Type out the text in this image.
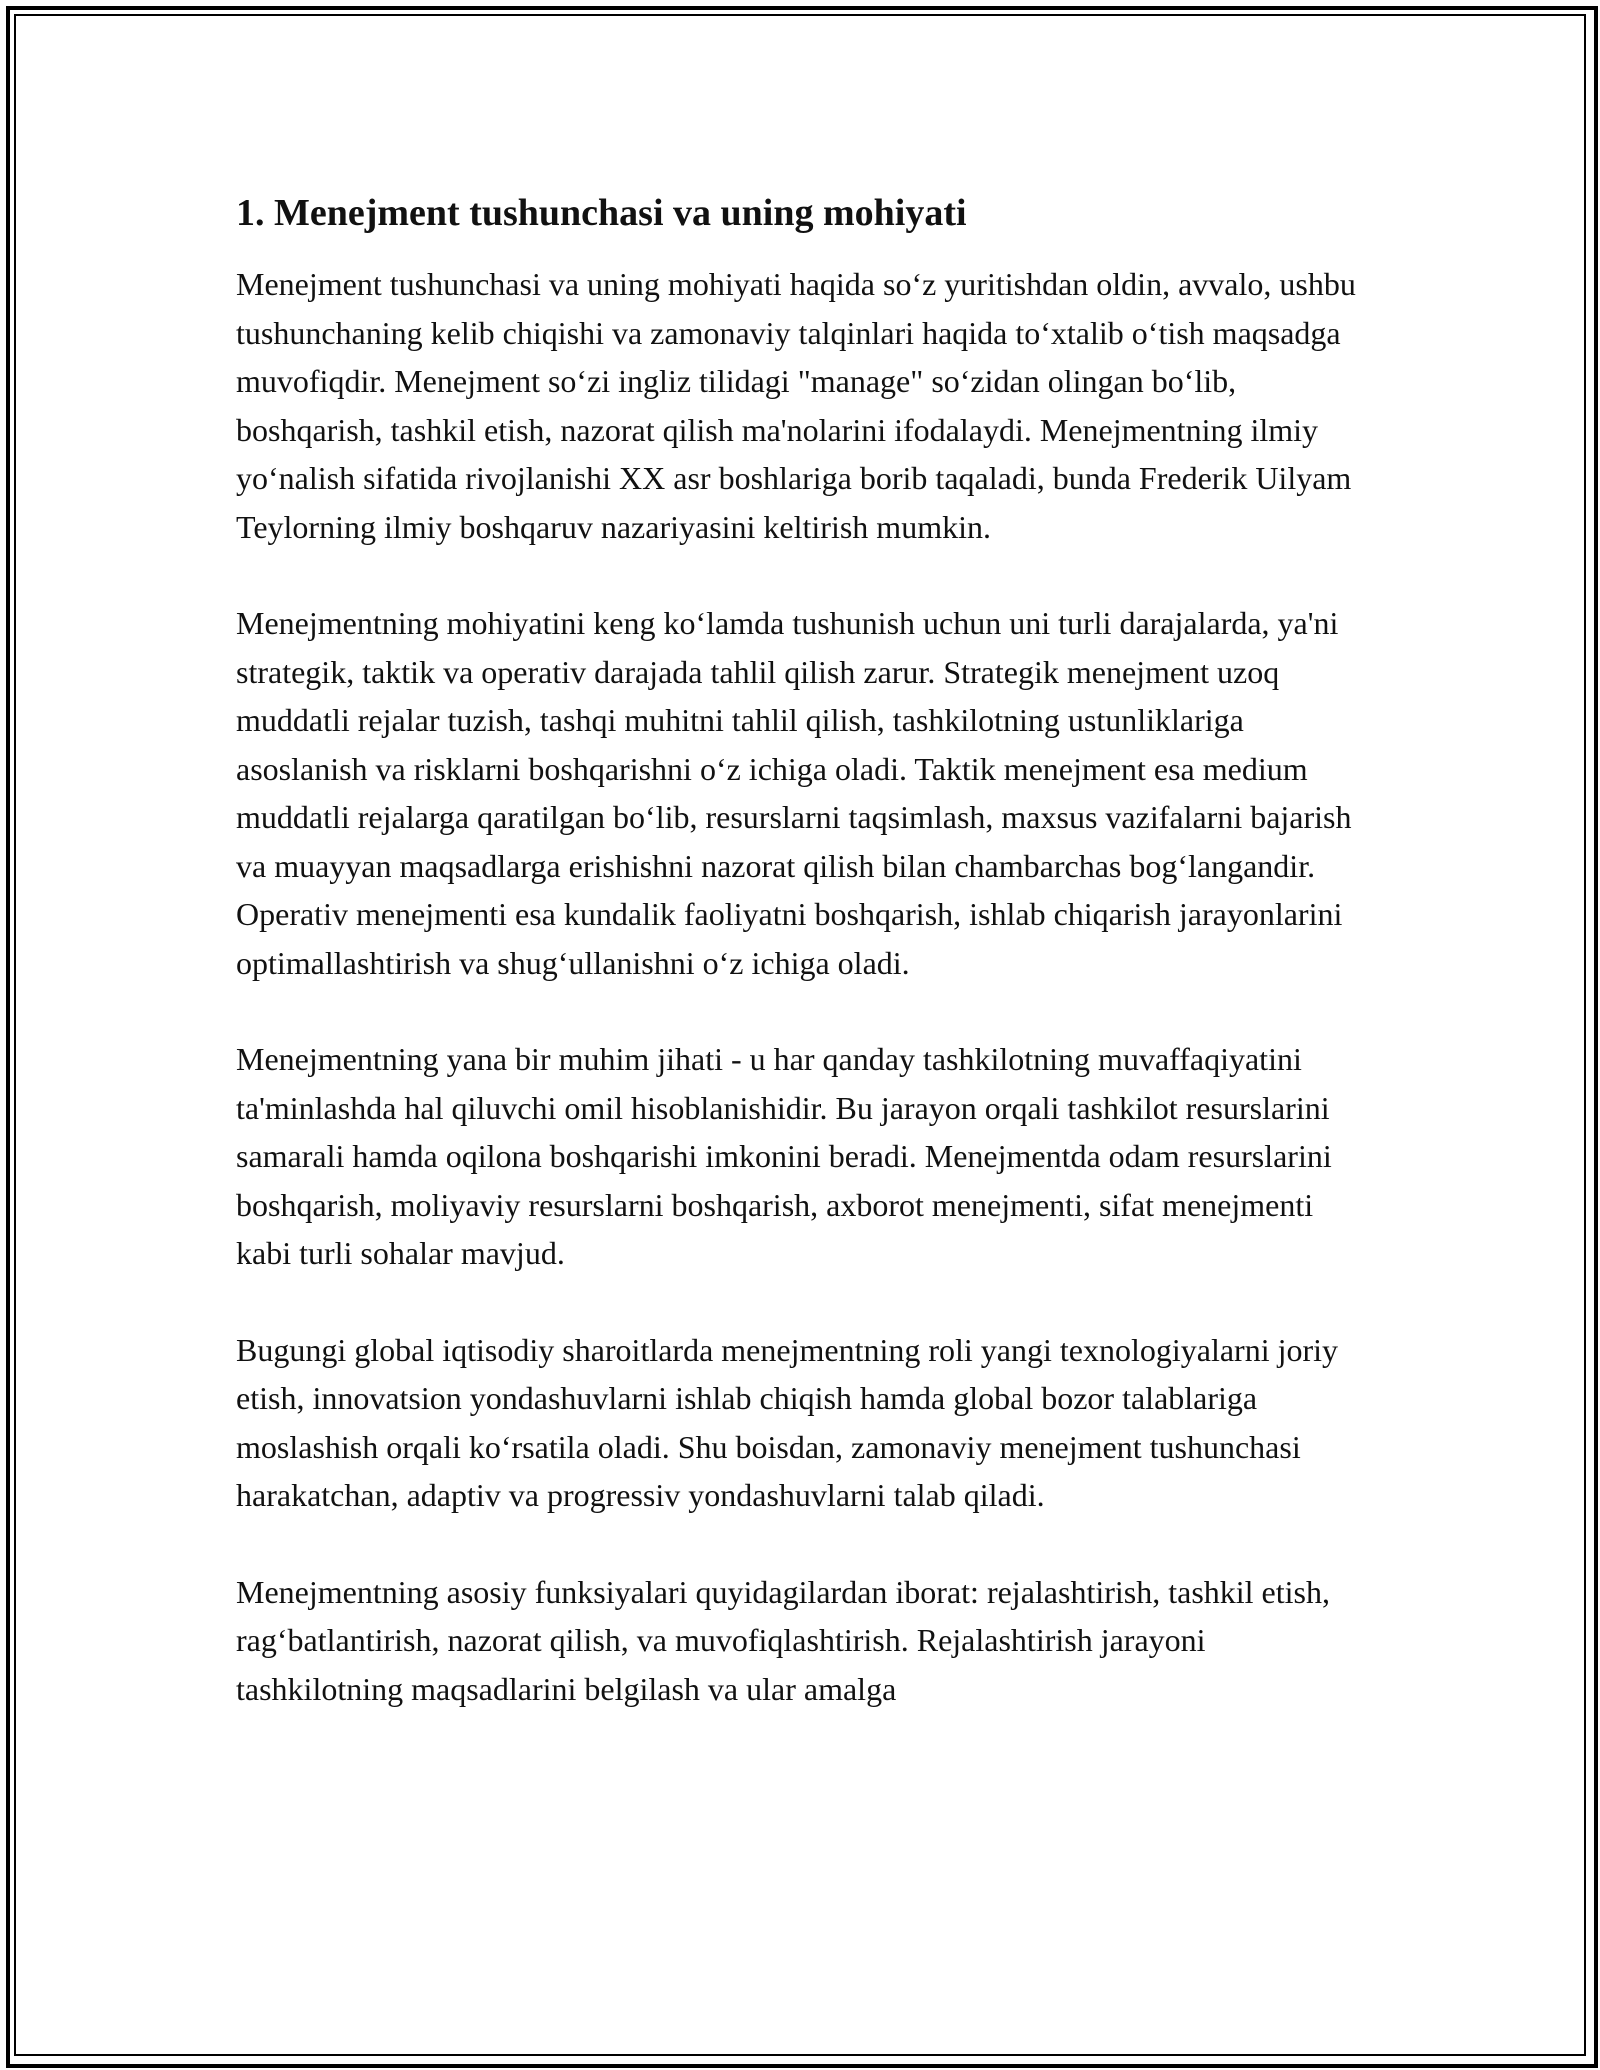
1. Menejment tushunchasi va uning mohiyati

Menejment tushunchasi va uning mohiyati haqida so‘z yuritishdan oldin, avvalo, ushbu tushunchaning kelib chiqishi va zamonaviy talqinlari haqida to‘xtalib o‘tish maqsadga muvofiqdir. Menejment so‘zi ingliz tilidagi "manage" so‘zidan olingan bo‘lib, boshqarish, tashkil etish, nazorat qilish ma'nolarini ifodalaydi. Menejmentning ilmiy yo‘nalish sifatida rivojlanishi XX asr boshlariga borib taqaladi, bunda Frederik Uilyam Teylorning ilmiy boshqaruv nazariyasini keltirish mumkin.

Menejmentning mohiyatini keng ko‘lamda tushunish uchun uni turli darajalarda, ya'ni strategik, taktik va operativ darajada tahlil qilish zarur. Strategik menejment uzoq muddatli rejalar tuzish, tashqi muhitni tahlil qilish, tashkilotning ustunliklariga asoslanish va risklarni boshqarishni o‘z ichiga oladi. Taktik menejment esa medium muddatli rejalarga qaratilgan bo‘lib, resurslarni taqsimlash, maxsus vazifalarni bajarish va muayyan maqsadlarga erishishni nazorat qilish bilan chambarchas bog‘langandir. Operativ menejmenti esa kundalik faoliyatni boshqarish, ishlab chiqarish jarayonlarini optimallashtirish va shug‘ullanishni o‘z ichiga oladi.

Menejmentning yana bir muhim jihati - u har qanday tashkilotning muvaffaqiyatini ta'minlashda hal qiluvchi omil hisoblanishidir. Bu jarayon orqali tashkilot resurslarini samarali hamda oqilona boshqarishi imkonini beradi. Menejmentda odam resurslarini boshqarish, moliyaviy resurslarni boshqarish, axborot menejmenti, sifat menejmenti kabi turli sohalar mavjud.

Bugungi global iqtisodiy sharoitlarda menejmentning roli yangi texnologiyalarni joriy etish, innovatsion yondashuvlarni ishlab chiqish hamda global bozor talablariga moslashish orqali ko‘rsatila oladi. Shu boisdan, zamonaviy menejment tushunchasi harakatchan, adaptiv va progressiv yondashuvlarni talab qiladi.

Menejmentning asosiy funksiyalari quyidagilardan iborat: rejalashtirish, tashkil etish, rag‘batlantirish, nazorat qilish, va muvofiqlashtirish. Rejalashtirish jarayoni tashkilotning maqsadlarini belgilash va ular amalga
